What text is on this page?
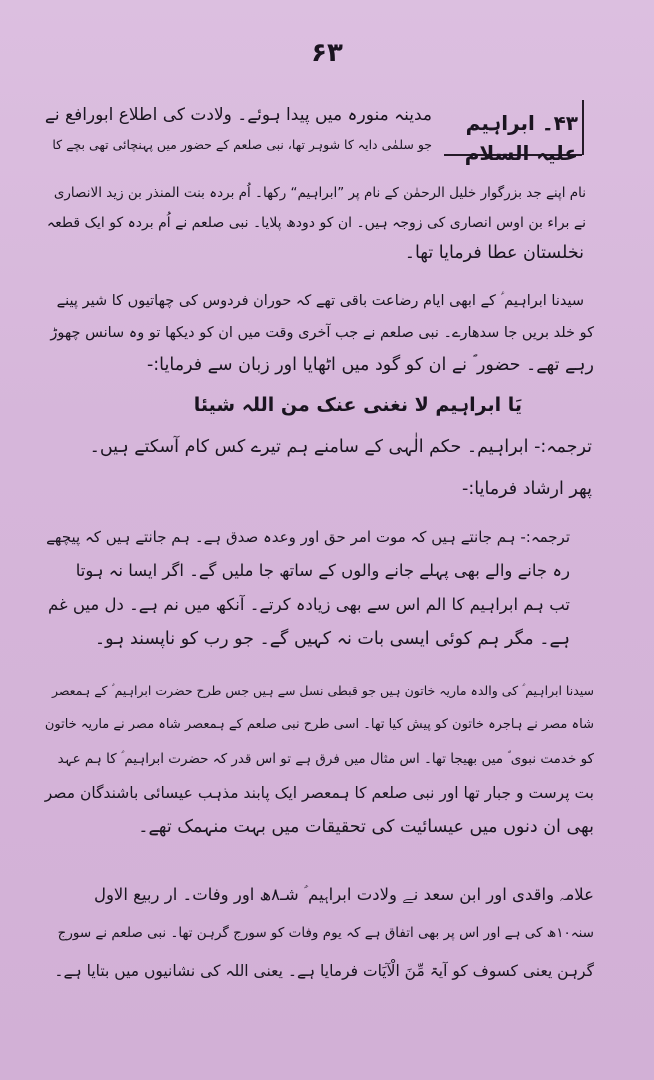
۶۳
۴۳۔ ابراہیم علیہ السلام
مدینہ منورہ میں پیدا ہوئے۔ ولادت کی اطلاع ابورافع نے
جو سلمٰی دایہ کا شوہر تھا، نبی صلعم کے حضور میں پہنچائی تھی بچے کا
نام اپنے جد بزرگوار خلیل الرحمٰن کے نام پر ”ابراہیم“ رکھا۔ اُم بردہ بنت المنذر بن زید الانصاری
نے براء بن اوس انصاری کی زوجہ ہیں۔ ان کو دودھ پلایا۔ نبی صلعم نے اُم بردہ کو ایک قطعہ
نخلستان عطا فرمایا تھا۔
سیدنا ابراہیم ؑ کے ابھی ایام رضاعت باقی تھے کہ حوران فردوس کی چھاتیوں کا شیر پینے
کو خلد بریں جا سدھارے۔ نبی صلعم نے جب آخری وقت میں ان کو دیکھا تو وہ سانس چھوڑ
رہے تھے۔ حضور ؐ نے ان کو گود میں اٹھایا اور زبان سے فرمایا:-
یَا ابراہیم لا نغنی عنک من اللہ شیئا
ترجمہ:- ابراہیم۔ حکم الٰہی کے سامنے ہم تیرے کس کام آسکتے ہیں۔
پھر ارشاد فرمایا:-
ترجمہ:- ہم جانتے ہیں کہ موت امر حق اور وعدہ صدق ہے۔ ہم جانتے ہیں کہ پیچھے
رہ جانے والے بھی پہلے جانے والوں کے ساتھ جا ملیں گے۔ اگر ایسا نہ ہوتا
تب ہم ابراہیم کا الم اس سے بھی زیادہ کرتے۔ آنکھ میں نم ہے۔ دل میں غم
ہے۔ مگر ہم کوئی ایسی بات نہ کہیں گے۔ جو رب کو ناپسند ہو۔
سیدنا ابراہیم ؑ کی والدہ ماریہ خاتون ہیں جو قبطی نسل سے ہیں جس طرح حضرت ابراہیم ؑ کے ہمعصر
شاہ مصر نے ہاجرہ خاتون کو پیش کیا تھا۔ اسی طرح نبی صلعم کے ہمعصر شاہ مصر نے ماریہ خاتون
کو خدمت نبوی ؐ میں بھیجا تھا۔ اس مثال میں فرق ہے تو اس قدر کہ حضرت ابراہیم ؑ کا ہم عہد
بت پرست و جبار تھا اور نبی صلعم کا ہمعصر ایک پابند مذہب عیسائی باشندگان مصر
بھی ان دنوں میں عیسائیت کی تحقیقات میں بہت منہمک تھے۔
علامہ واقدی اور ابن سعد نے ولادت ابراہیم ؑ شـ۸ھ اور وفات۔ ار ربیع الاول
سنہ۱۰ھ کی ہے اور اس پر بھی اتفاق ہے کہ یوم وفات کو سورج گرہن تھا۔ نبی صلعم نے سورج
گرہن یعنی کسوف کو آیۃ مِّنَ الْآیَات فرمایا ہے۔ یعنی اللہ کی نشانیوں میں بتایا ہے۔
